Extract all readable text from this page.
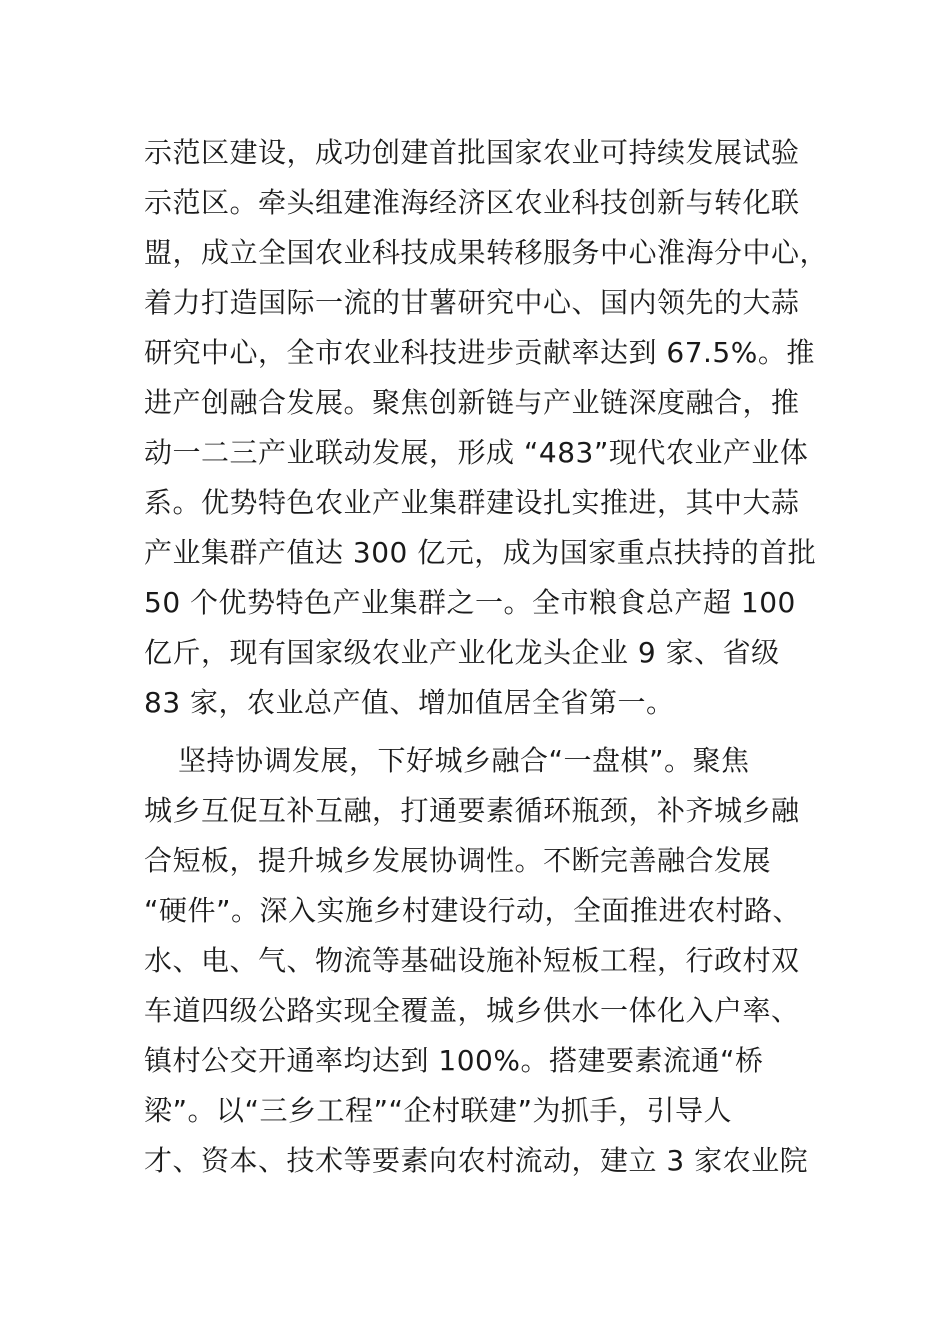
示范区建设，成功创建首批国家农业可持续发展试验
示范区。牵头组建淮海经济区农业科技创新与转化联
盟，成立全国农业科技成果转移服务中心淮海分中心，
着力打造国际一流的甘薯研究中心、国内领先的大蒜
研究中心，全市农业科技进步贡献率达到 67.5%。推
进产创融合发展。聚焦创新链与产业链深度融合，推
动一二三产业联动发展，形成 “483”现代农业产业体
系。优势特色农业产业集群建设扎实推进，其中大蒜
产业集群产值达 300 亿元，成为国家重点扶持的首批
50 个优势特色产业集群之一。全市粮食总产超 100
亿斤，现有国家级农业产业化龙头企业 9 家、省级
83 家，农业总产值、增加值居全省第一。
坚持协调发展，下好城乡融合“一盘棋”。聚焦
城乡互促互补互融，打通要素循环瓶颈，补齐城乡融
合短板，提升城乡发展协调性。不断完善融合发展
“硬件”。深入实施乡村建设行动，全面推进农村路、
水、电、气、物流等基础设施补短板工程，行政村双
车道四级公路实现全覆盖，城乡供水一体化入户率、
镇村公交开通率均达到 100%。搭建要素流通“桥
梁”。以“三乡工程”“企村联建”为抓手，引导人
才、资本、技术等要素向农村流动，建立 3 家农业院
